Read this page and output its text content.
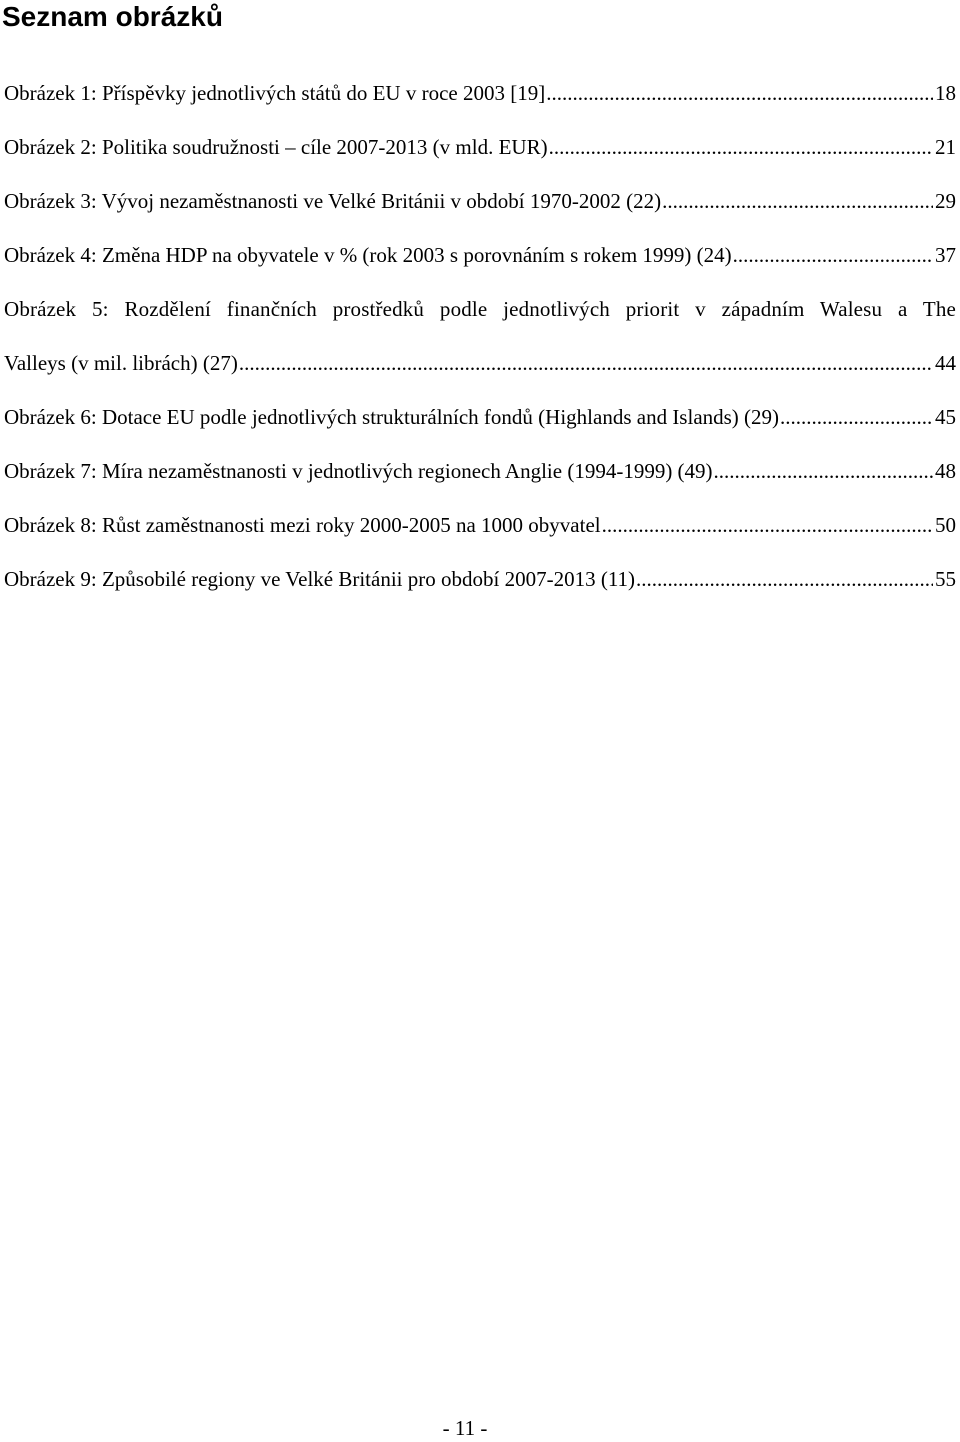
Seznam obrázků
Obrázek 1: Příspěvky jednotlivých států do EU v roce 2003 [19] .....	18
Obrázek 2: Politika soudružnosti – cíle 2007-2013 (v mld. EUR) .....	21
Obrázek 3: Vývoj nezaměstnanosti ve Velké Británii v období 1970-2002 (22) .....	29
Obrázek 4: Změna HDP na obyvatele v % (rok 2003 s porovnáním s rokem 1999) (24) .....	37
Obrázek 5: Rozdělení finančních prostředků podle jednotlivých priorit v západním Walesu a The
Valleys (v mil. librách) (27) .....	44
Obrázek 6: Dotace EU podle jednotlivých strukturálních fondů (Highlands and Islands) (29) .....	45
Obrázek 7: Míra nezaměstnanosti v jednotlivých regionech Anglie (1994-1999) (49) .....	48
Obrázek 8: Růst zaměstnanosti mezi roky 2000-2005 na 1000 obyvatel .....	50
Obrázek 9: Způsobilé regiony ve Velké Británii pro období 2007-2013 (11) .....	55
- 11 -
